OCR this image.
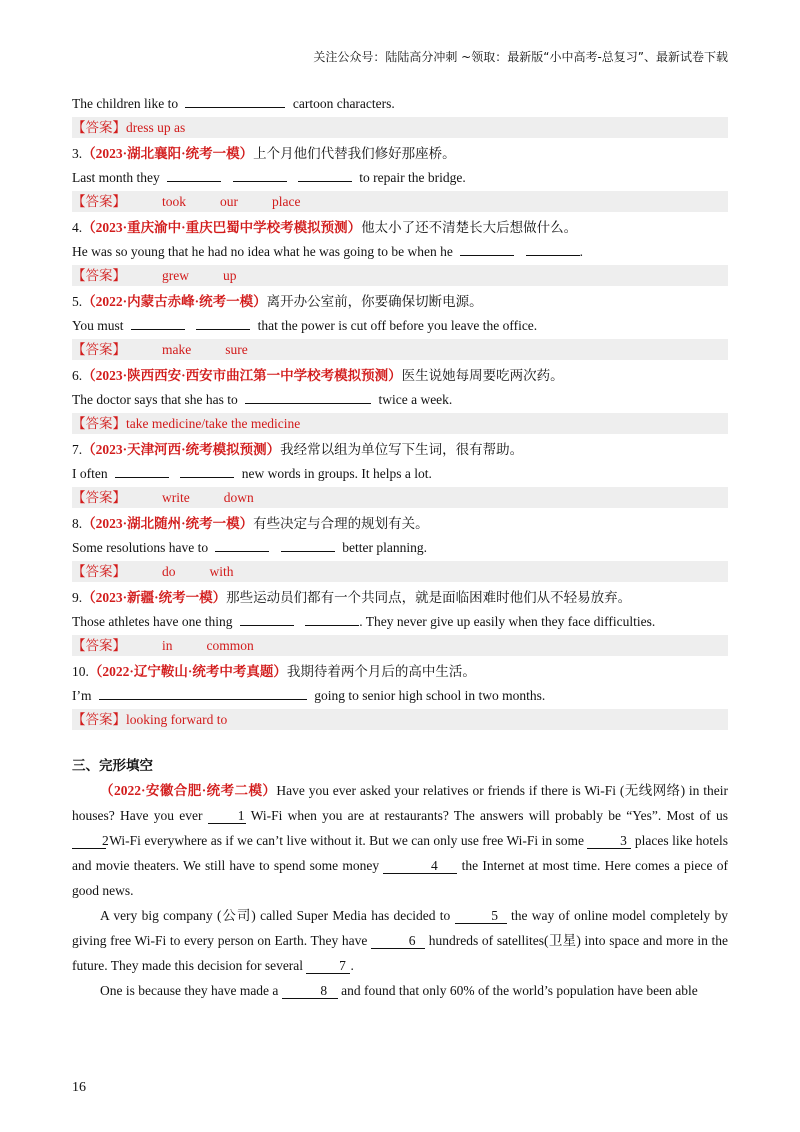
关注公众号：陆陆高分冲刺 ~领取：最新版“小中高考-总复习”、最新试卷下载
The children like to	cartoon characters.
【答案】dress up as
3.（2023·湖北襄阳·统考一模）上个月他们代替我们修好那座桥。
Last month they	to repair the bridge.
【答案】	took	our	place
4.（2023·重庆渝中·重庆巴蜀中学校考模拟预测）他太小了还不清楚长大后想做什么。
He was so young that he had no idea what he was going to be when he	.
【答案】	grew	up
5.（2022·内蒙古赤峰·统考一模）离开办公室前，你要确保切断电源。
You must	that the power is cut off before you leave the office.
【答案】	make	sure
6.（2023·陕西西安·西安市曲江第一中学校考模拟预测）医生说她每周要吃两次药。
The doctor says that she has to	twice a week.
【答案】take medicine/take the medicine
7.（2023·天津河西·统考模拟预测）我经常以组为单位写下生词，很有帮助。
I often	new words in groups. It helps a lot.
【答案】	write	down
8.（2023·湖北随州·统考一模）有些决定与合理的规划有关。
Some resolutions have to	better planning.
【答案】	do	with
9.（2023·新疆·统考一模）那些运动员们都有一个共同点，就是面临困难时他们从不轻易放弃。
Those athletes have one thing	. They never give up easily when they face difficulties.
【答案】	in	common
10.（2022·辽宁鞍山·统考中考真题）我期待着两个月后的高中生活。
I’m	going to senior high school in two months.
【答案】looking forward to
三、完形填空
（2022·安徽合肥·统考二模）Have you ever asked your relatives or friends if there is Wi-Fi (无线网络) in their houses? Have you ever	1 Wi-Fi when you are at restaurants? The answers will probably be “Yes”. Most of us 2 Wi-Fi everywhere as if we can’t live without it. But we can only use free Wi-Fi in some	3 places like hotels and movie theaters. We still have to spend some money	4 the Internet at most time. Here comes a piece of good news.
A very big company (公司) called Super Media has decided to	5 the way of online model completely by giving free Wi-Fi to every person on Earth. They have	6 hundreds of satellites(卫星) into space and more in the future. They made this decision for several	7 .
One is because they have made a	8 and found that only 60% of the world’s population have been able
16
